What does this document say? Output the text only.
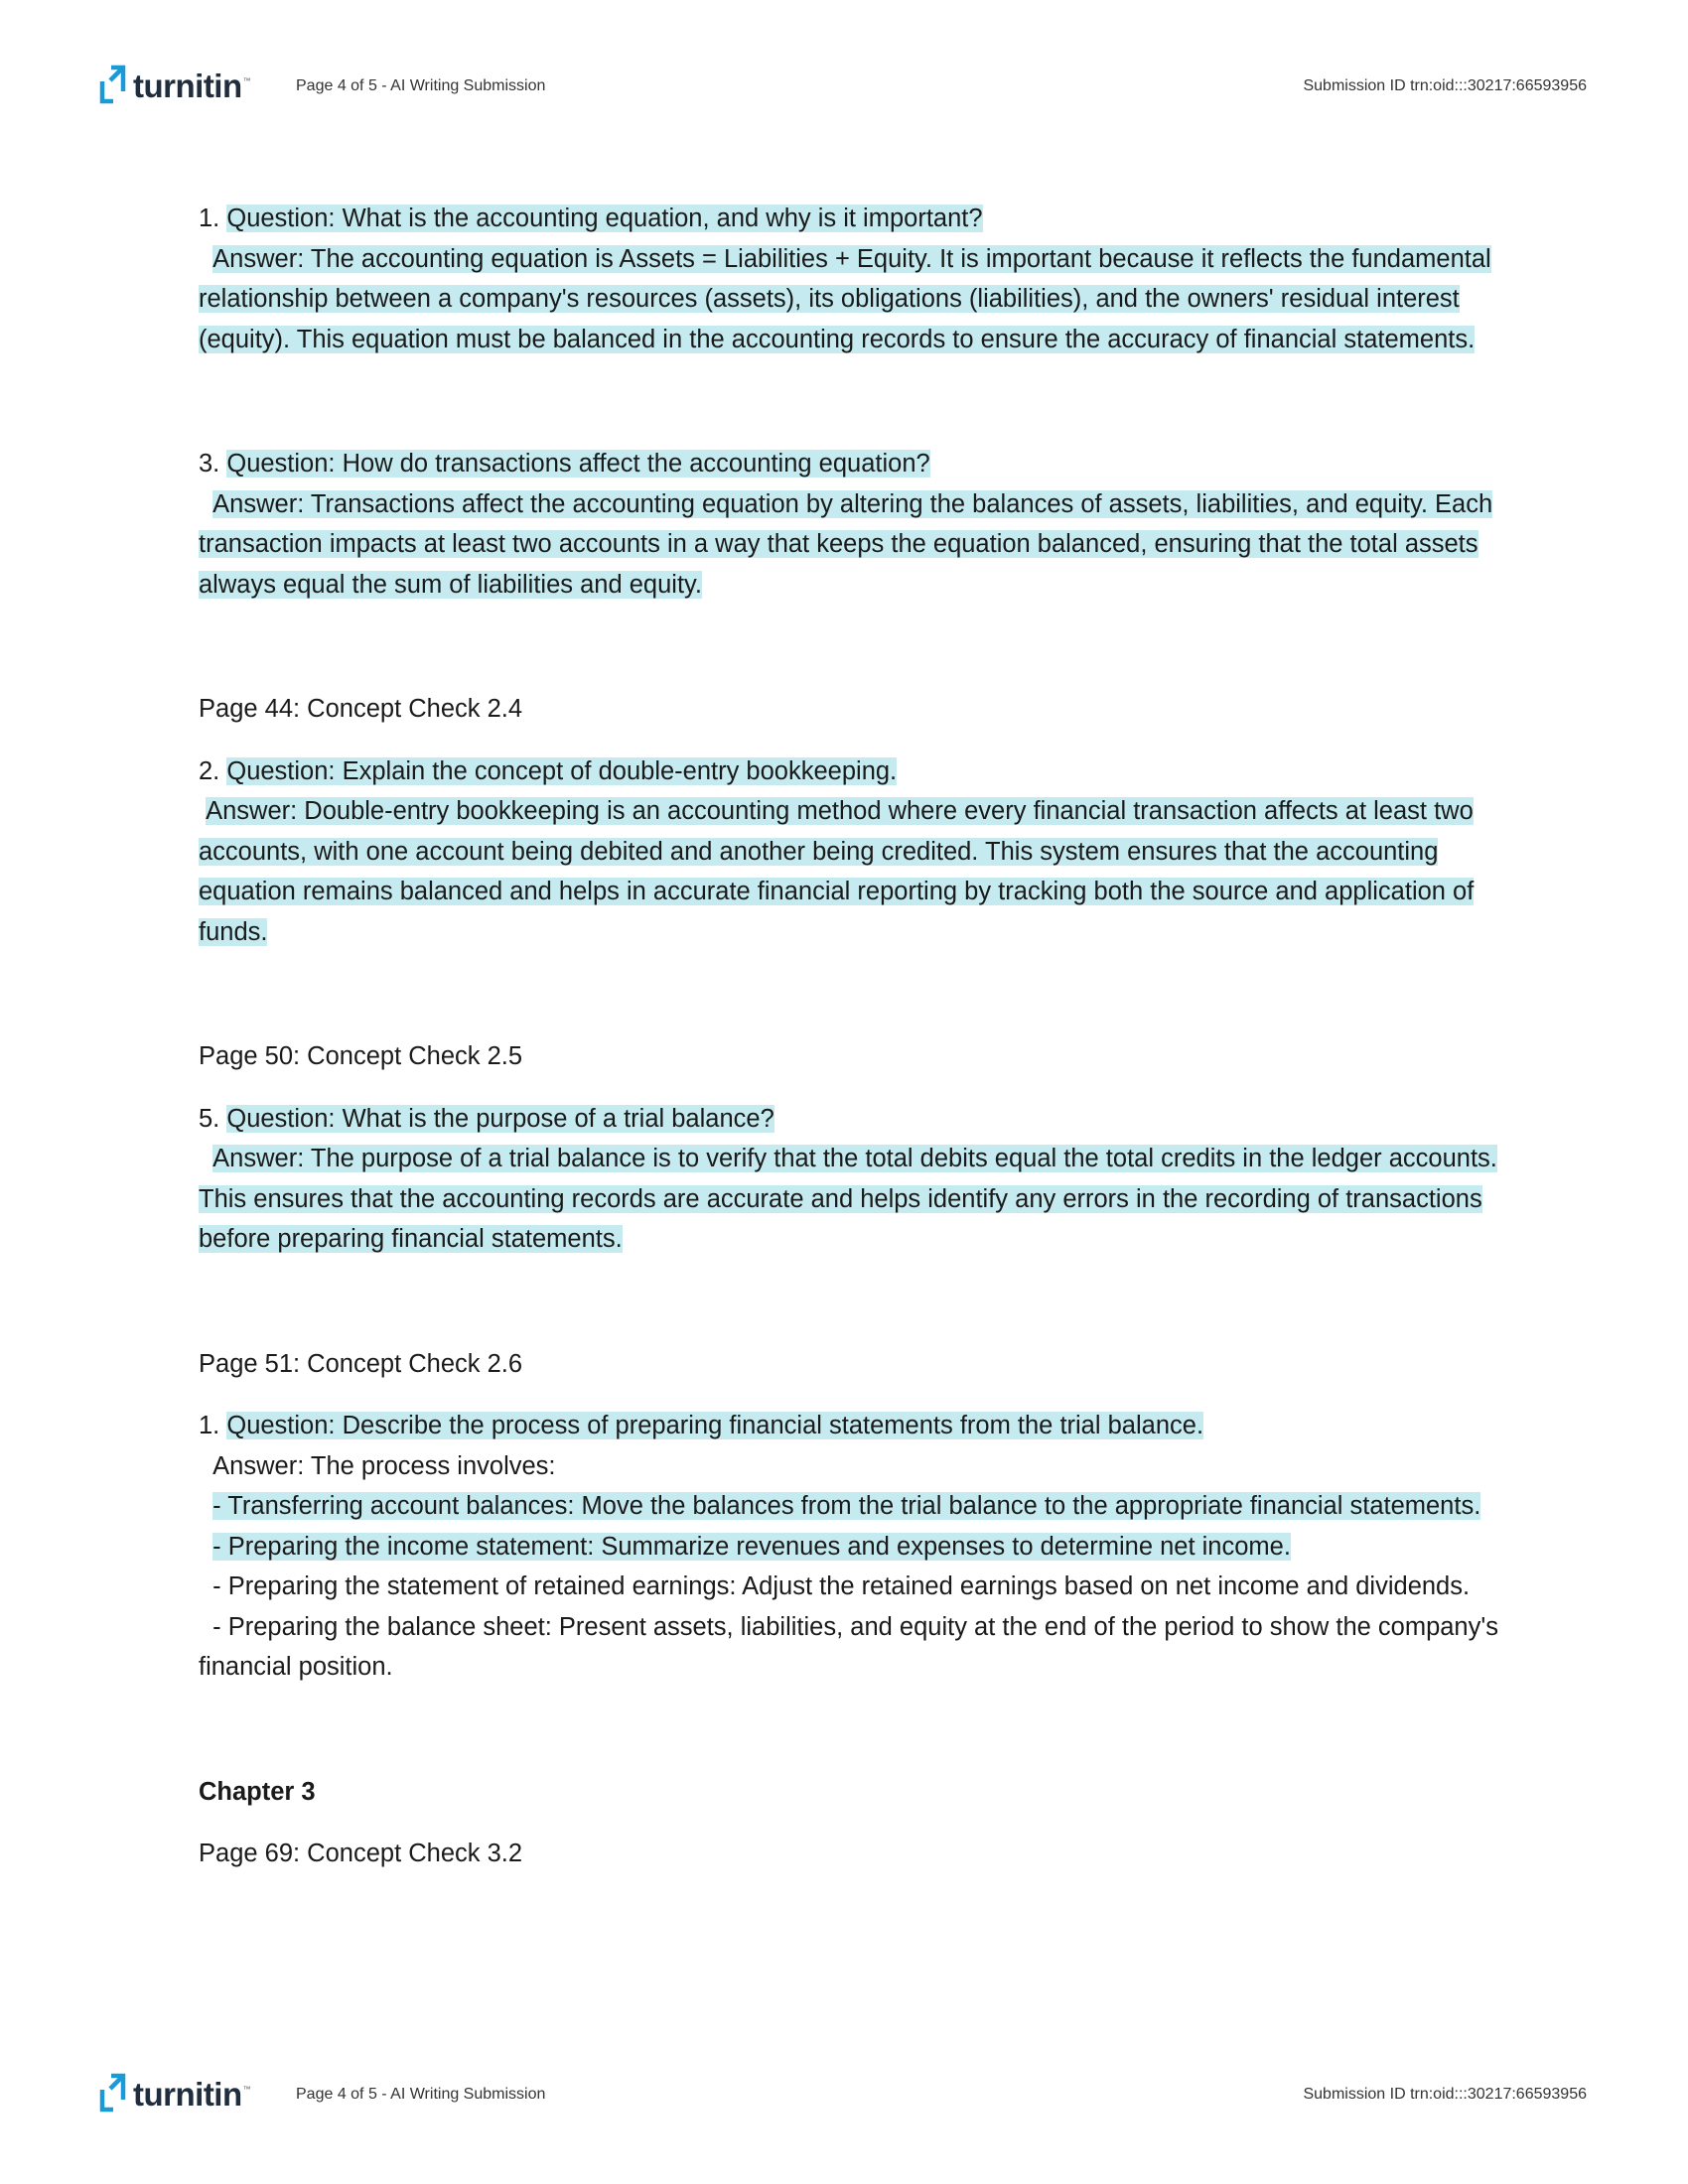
turnitin ™	Page 4 of 5 - AI Writing Submission	Submission ID trn:oid:::30217:66593956

1. Question: What is the accounting equation, and why is it important?

Answer: The accounting equation is Assets = Liabilities + Equity. It is important because it reflects the fundamental relationship between a company's resources (assets), its obligations (liabilities), and the owners' residual interest (equity). This equation must be balanced in the accounting records to ensure the accuracy of financial statements.

3. Question: How do transactions affect the accounting equation?

Answer: Transactions affect the accounting equation by altering the balances of assets, liabilities, and equity. Each transaction impacts at least two accounts in a way that keeps the equation balanced, ensuring that the total assets always equal the sum of liabilities and equity.

Page 44: Concept Check 2.4

2. Question: Explain the concept of double-entry bookkeeping.

Answer: Double-entry bookkeeping is an accounting method where every financial transaction affects at least two accounts, with one account being debited and another being credited. This system ensures that the accounting equation remains balanced and helps in accurate financial reporting by tracking both the source and application of funds.

Page 50: Concept Check 2.5

5. Question: What is the purpose of a trial balance?

Answer: The purpose of a trial balance is to verify that the total debits equal the total credits in the ledger accounts. This ensures that the accounting records are accurate and helps identify any errors in the recording of transactions before preparing financial statements.

Page 51: Concept Check 2.6

1. Question: Describe the process of preparing financial statements from the trial balance.

Answer: The process involves:

- Transferring account balances: Move the balances from the trial balance to the appropriate financial statements.

- Preparing the income statement: Summarize revenues and expenses to determine net income.

- Preparing the statement of retained earnings: Adjust the retained earnings based on net income and dividends.

- Preparing the balance sheet: Present assets, liabilities, and equity at the end of the period to show the company's financial position.

Chapter 3

Page 69: Concept Check 3.2

turnitin ™	Page 4 of 5 - AI Writing Submission	Submission ID trn:oid:::30217:66593956
